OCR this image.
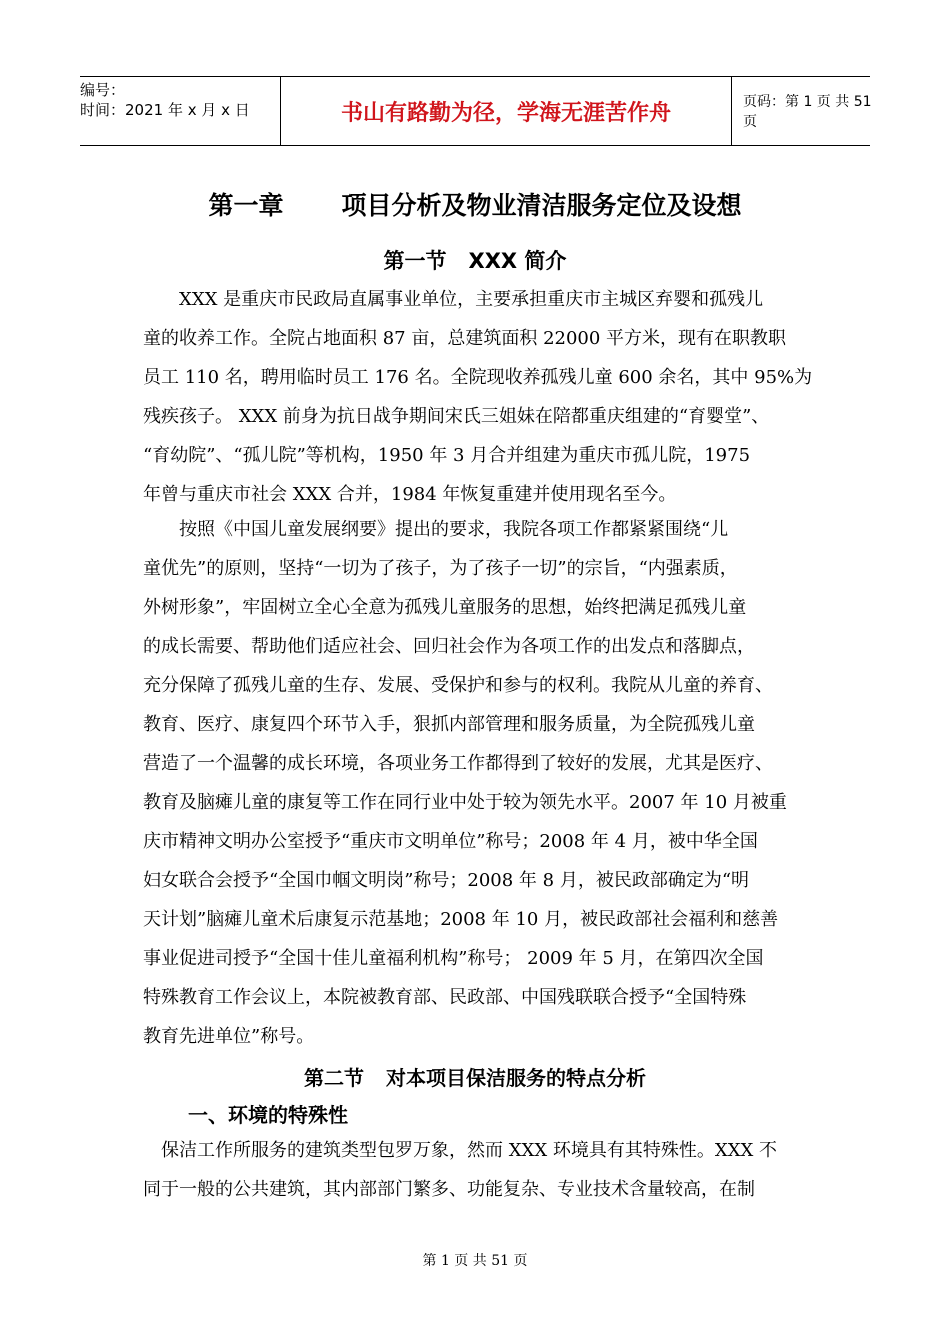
编号：
时间：2021 年 x 月 x 日	书山有路勤为径，学海无涯苦作舟	页码：第 1 页 共 51 页
第一章 项目分析及物业清洁服务定位及设想
第一节 XXX 简介
　　XXX 是重庆市民政局直属事业单位，主要承担重庆市主城区弃婴和孤残儿
童的收养工作。全院占地面积 87 亩，总建筑面积 22000 平方米，现有在职教职
员工 110 名，聘用临时员工 176 名。全院现收养孤残儿童 600 余名，其中 95%为
残疾孩子。 XXX 前身为抗日战争期间宋氏三姐妹在陪都重庆组建的“育婴堂”、
“育幼院”、“孤儿院”等机构，1950 年 3 月合并组建为重庆市孤儿院，1975
年曾与重庆市社会 XXX 合并，1984 年恢复重建并使用现名至今。
　　按照《中国儿童发展纲要》提出的要求，我院各项工作都紧紧围绕“儿
童优先”的原则，坚持“一切为了孩子，为了孩子一切”的宗旨，“内强素质，
外树形象”，牢固树立全心全意为孤残儿童服务的思想，始终把满足孤残儿童
的成长需要、帮助他们适应社会、回归社会作为各项工作的出发点和落脚点，
充分保障了孤残儿童的生存、发展、受保护和参与的权利。我院从儿童的养育、
教育、医疗、康复四个环节入手，狠抓内部管理和服务质量，为全院孤残儿童
营造了一个温馨的成长环境，各项业务工作都得到了较好的发展，尤其是医疗、
教育及脑瘫儿童的康复等工作在同行业中处于较为领先水平。2007 年 10 月被重
庆市精神文明办公室授予“重庆市文明单位”称号；2008 年 4 月，被中华全国
妇女联合会授予“全国巾帼文明岗”称号；2008 年 8 月，被民政部确定为“明
天计划”脑瘫儿童术后康复示范基地；2008 年 10 月，被民政部社会福利和慈善
事业促进司授予“全国十佳儿童福利机构”称号； 2009 年 5 月，在第四次全国
特殊教育工作会议上，本院被教育部、民政部、中国残联联合授予“全国特殊
教育先进单位”称号。
第二节 对本项目保洁服务的特点分析
一、环境的特殊性
　保洁工作所服务的建筑类型包罗万象，然而 XXX 环境具有其特殊性。XXX 不
同于一般的公共建筑，其内部部门繁多、功能复杂、专业技术含量较高，在制
第 1 页 共 51 页
